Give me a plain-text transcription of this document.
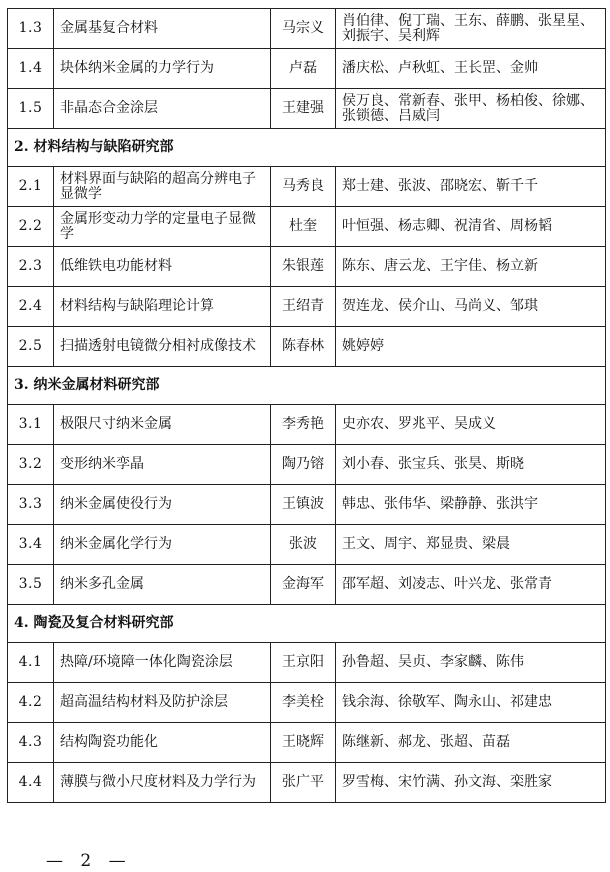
1.3	金属基复合材料	马宗义	肖伯律、倪丁瑞、王东、薛鹏、张星星、刘振宇、吴利辉
1.4	块体纳米金属的力学行为	卢磊	潘庆松、卢秋虹、王长罡、金帅
1.5	非晶态合金涂层	王建强	侯万良、常新春、张甲、杨柏俊、徐娜、张锁德、吕威闫
2. 材料结构与缺陷研究部			
2.1	材料界面与缺陷的超高分辨电子显微学	马秀良	郑士建、张波、邵晓宏、靳千千
2.2	金属形变动力学的定量电子显微学	杜奎	叶恒强、杨志卿、祝清省、周杨韬
2.3	低维铁电功能材料	朱银莲	陈东、唐云龙、王宇佳、杨立新
2.4	材料结构与缺陷理论计算	王绍青	贺连龙、侯介山、马尚义、邹琪
2.5	扫描透射电镜微分相衬成像技术	陈春林	姚婷婷
3. 纳米金属材料研究部			
3.1	极限尺寸纳米金属	李秀艳	史亦农、罗兆平、吴成义
3.2	变形纳米孪晶	陶乃镕	刘小春、张宝兵、张昊、斯晓
3.3	纳米金属使役行为	王镇波	韩忠、张伟华、梁静静、张洪宇
3.4	纳米金属化学行为	张波	王文、周宇、郑显贵、梁晨
3.5	纳米多孔金属	金海军	邵军超、刘凌志、叶兴龙、张常青
4. 陶瓷及复合材料研究部			
4.1	热障/环境障一体化陶瓷涂层	王京阳	孙鲁超、吴贞、李家麟、陈伟
4.2	超高温结构材料及防护涂层	李美栓	钱余海、徐敬军、陶永山、祁建忠
4.3	结构陶瓷功能化	王晓辉	陈继新、郝龙、张超、苗磊
4.4	薄膜与微小尺度材料及力学行为	张广平	罗雪梅、宋竹满、孙文海、栾胜家
— 2 —
